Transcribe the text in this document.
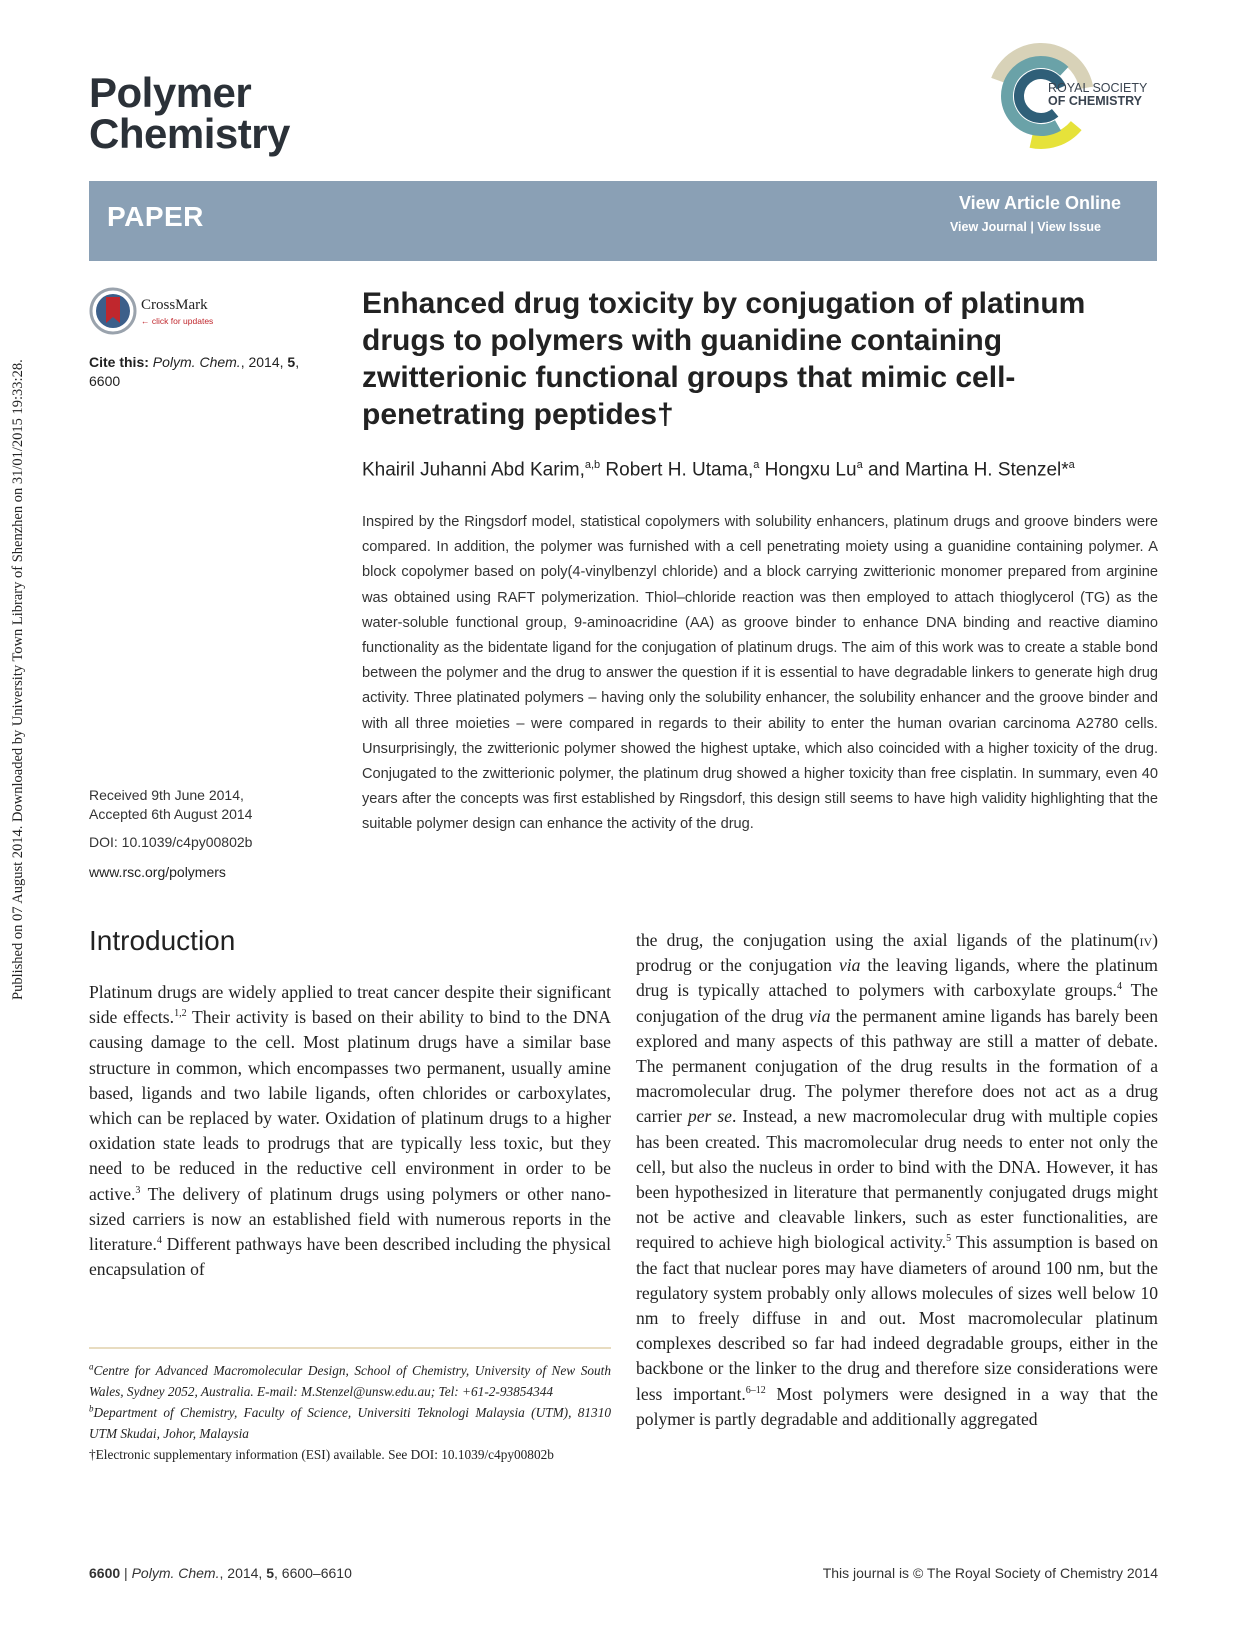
Published on 07 August 2014. Downloaded by University Town Library of Shenzhen on 31/01/2015 19:33:28.
Polymer
Chemistry
ROYAL SOCIETY
OF CHEMISTRY
PAPER	View Article Online
View Journal | View Issue
CrossMark
← click for updates
Cite this: Polym. Chem., 2014, 5,
6600
Enhanced drug toxicity by conjugation of platinum drugs to polymers with guanidine containing zwitterionic functional groups that mimic cell-penetrating peptides†
Khairil Juhanni Abd Karim,$^{a,b}$ Robert H. Utama,$^a$ Hongxu Lu$^a$ and Martina H. Stenzel*$^a$
Inspired by the Ringsdorf model, statistical copolymers with solubility enhancers, platinum drugs and groove binders were compared. In addition, the polymer was furnished with a cell penetrating moiety using a guanidine containing polymer. A block copolymer based on poly(4-vinylbenzyl chloride) and a block carrying zwitterionic monomer prepared from arginine was obtained using RAFT polymerization. Thiol–chloride reaction was then employed to attach thioglycerol (TG) as the water-soluble functional group, 9-aminoacridine (AA) as groove binder to enhance DNA binding and reactive diamino functionality as the bidentate ligand for the conjugation of platinum drugs. The aim of this work was to create a stable bond between the polymer and the drug to answer the question if it is essential to have degradable linkers to generate high drug activity. Three platinated polymers – having only the solubility enhancer, the solubility enhancer and the groove binder and with all three moieties – were compared in regards to their ability to enter the human ovarian carcinoma A2780 cells. Unsurprisingly, the zwitterionic polymer showed the highest uptake, which also coincided with a higher toxicity of the drug. Conjugated to the zwitterionic polymer, the platinum drug showed a higher toxicity than free cisplatin. In summary, even 40 years after the concepts was first established by Ringsdorf, this design still seems to have high validity highlighting that the suitable polymer design can enhance the activity of the drug.
Received 9th June 2014,
Accepted 6th August 2014
DOI: 10.1039/c4py00802b
www.rsc.org/polymers
Introduction
Platinum drugs are widely applied to treat cancer despite their significant side effects.$^{1,2}$ Their activity is based on their ability to bind to the DNA causing damage to the cell. Most platinum drugs have a similar base structure in common, which encompasses two permanent, usually amine based, ligands and two labile ligands, often chlorides or carboxylates, which can be replaced by water. Oxidation of platinum drugs to a higher oxidation state leads to prodrugs that are typically less toxic, but they need to be reduced in the reductive cell environment in order to be active.$^3$ The delivery of platinum drugs using polymers or other nano-sized carriers is now an established field with numerous reports in the literature.$^4$ Different pathways have been described including the physical encapsulation of
the drug, the conjugation using the axial ligands of the platinum(iv) prodrug or the conjugation via the leaving ligands, where the platinum drug is typically attached to polymers with carboxylate groups.$^4$ The conjugation of the drug via the permanent amine ligands has barely been explored and many aspects of this pathway are still a matter of debate. The permanent conjugation of the drug results in the formation of a macromolecular drug. The polymer therefore does not act as a drug carrier per se. Instead, a new macromolecular drug with multiple copies has been created. This macromolecular drug needs to enter not only the cell, but also the nucleus in order to bind with the DNA. However, it has been hypothesized in literature that permanently conjugated drugs might not be active and cleavable linkers, such as ester functionalities, are required to achieve high biological activity.$^5$ This assumption is based on the fact that nuclear pores may have diameters of around 100 nm, but the regulatory system probably only allows molecules of sizes well below 10 nm to freely diffuse in and out. Most macromolecular platinum complexes described so far had indeed degradable groups, either in the backbone or the linker to the drug and therefore size considerations were less important.$^{6-12}$ Most polymers were designed in a way that the polymer is partly degradable and additionally aggregated
$^a$Centre for Advanced Macromolecular Design, School of Chemistry, University of New South Wales, Sydney 2052, Australia. E-mail: M.Stenzel@unsw.edu.au; Tel: +61-2-93854344
$^b$Department of Chemistry, Faculty of Science, Universiti Teknologi Malaysia (UTM), 81310 UTM Skudai, Johor, Malaysia
†Electronic supplementary information (ESI) available. See DOI: 10.1039/c4py00802b
6600 | Polym. Chem., 2014, 5, 6600–6610	This journal is © The Royal Society of Chemistry 2014
